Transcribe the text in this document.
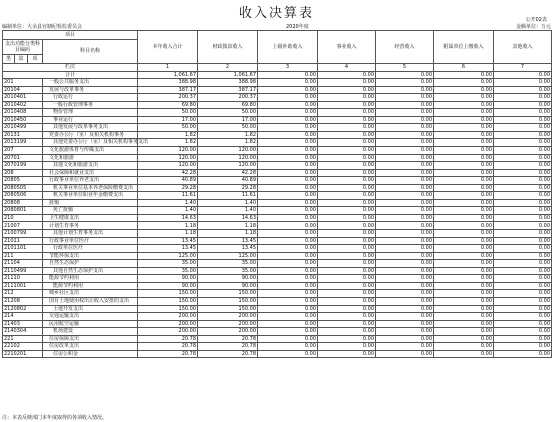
收入决算表	公开02表
编制单位：大余县官塘纪检监委员会	2020年度	金额单位：万元
项目				本年收入合计	财政拨款收入	上级补助收入	事业收入	经营收入	附属单位上缴收入	其他收入
支出功能分类科目编码			科目名称							
类	款	项								
栏次				1	2	3	4	5	6	7
合计				1,061.67	1,061.67	0.00	0.00	0.00	0.00	0.00
201			一般公共服务支出	388.98	388.98	0.00	0.00	0.00	0.00	0.00
20104			发展与改革事务	387.17	387.17	0.00	0.00	0.00	0.00	0.00
2010401			行政运行	200.37	200.37	0.00	0.00	0.00	0.00	0.00
2010402			一般行政管理事务	69.80	69.80	0.00	0.00	0.00	0.00	0.00
2010408			物价管理	50.00	50.00	0.00	0.00	0.00	0.00	0.00
2010450			事业运行	17.00	17.00	0.00	0.00	0.00	0.00	0.00
2010499			其他发展与改革事务支出	50.00	50.00	0.00	0.00	0.00	0.00	0.00
20131			党委办公厅（室）及相关机构事务	1.82	1.82	0.00	0.00	0.00	0.00	0.00
2013199			其他党委办公厅（室）及相关机构事务支出	1.82	1.82	0.00	0.00	0.00	0.00	0.00
207			文化旅游体育与传媒支出	120.00	120.00	0.00	0.00	0.00	0.00	0.00
20701			文化和旅游	120.00	120.00	0.00	0.00	0.00	0.00	0.00
2070199			其他文化和旅游支出	120.00	120.00	0.00	0.00	0.00	0.00	0.00
208			社会保障和就业支出	42.28	42.28	0.00	0.00	0.00	0.00	0.00
20805			行政事业单位养老支出	40.89	40.89	0.00	0.00	0.00	0.00	0.00
2080505			机关事业单位基本养老保险缴费支出	29.28	29.28	0.00	0.00	0.00	0.00	0.00
2080506			机关事业单位职业年金缴费支出	11.61	11.61	0.00	0.00	0.00	0.00	0.00
20808			抚恤	1.40	1.40	0.00	0.00	0.00	0.00	0.00
2080801			死亡抚恤	1.40	1.40	0.00	0.00	0.00	0.00	0.00
210			卫生健康支出	14.63	14.63	0.00	0.00	0.00	0.00	0.00
21007			计划生育事务	1.18	1.18	0.00	0.00	0.00	0.00	0.00
2100799			其他计划生育事务支出	1.18	1.18	0.00	0.00	0.00	0.00	0.00
21011			行政事业单位医疗	13.45	13.45	0.00	0.00	0.00	0.00	0.00
2101101			行政单位医疗	13.45	13.45	0.00	0.00	0.00	0.00	0.00
211			节能环保支出	125.00	125.00	0.00	0.00	0.00	0.00	0.00
21104			自然生态保护	35.00	35.00	0.00	0.00	0.00	0.00	0.00
2110499			其他自然生态保护支出	35.00	35.00	0.00	0.00	0.00	0.00	0.00
21110			能源节约利用	90.00	90.00	0.00	0.00	0.00	0.00	0.00
2111001			能源节约利用	90.00	90.00	0.00	0.00	0.00	0.00	0.00
212			城乡社区支出	150.00	150.00	0.00	0.00	0.00	0.00	0.00
21208			国有土地使用权出让收入安排的支出	150.00	150.00	0.00	0.00	0.00	0.00	0.00
2120802			土地开发支出	150.00	150.00	0.00	0.00	0.00	0.00	0.00
214			交通运输支出	200.00	200.00	0.00	0.00	0.00	0.00	0.00
21403			民用航空运输	200.00	200.00	0.00	0.00	0.00	0.00	0.00
2140304			机场建设	200.00	200.00	0.00	0.00	0.00	0.00	0.00
221			住房保障支出	20.78	20.78	0.00	0.00	0.00	0.00	0.00
22102			住房改革支出	20.78	20.78	0.00	0.00	0.00	0.00	0.00
2210201			住房公积金	20.78	20.78	0.00	0.00	0.00	0.00	0.00
注：本表反映部门本年度取得的各项收入情况。
